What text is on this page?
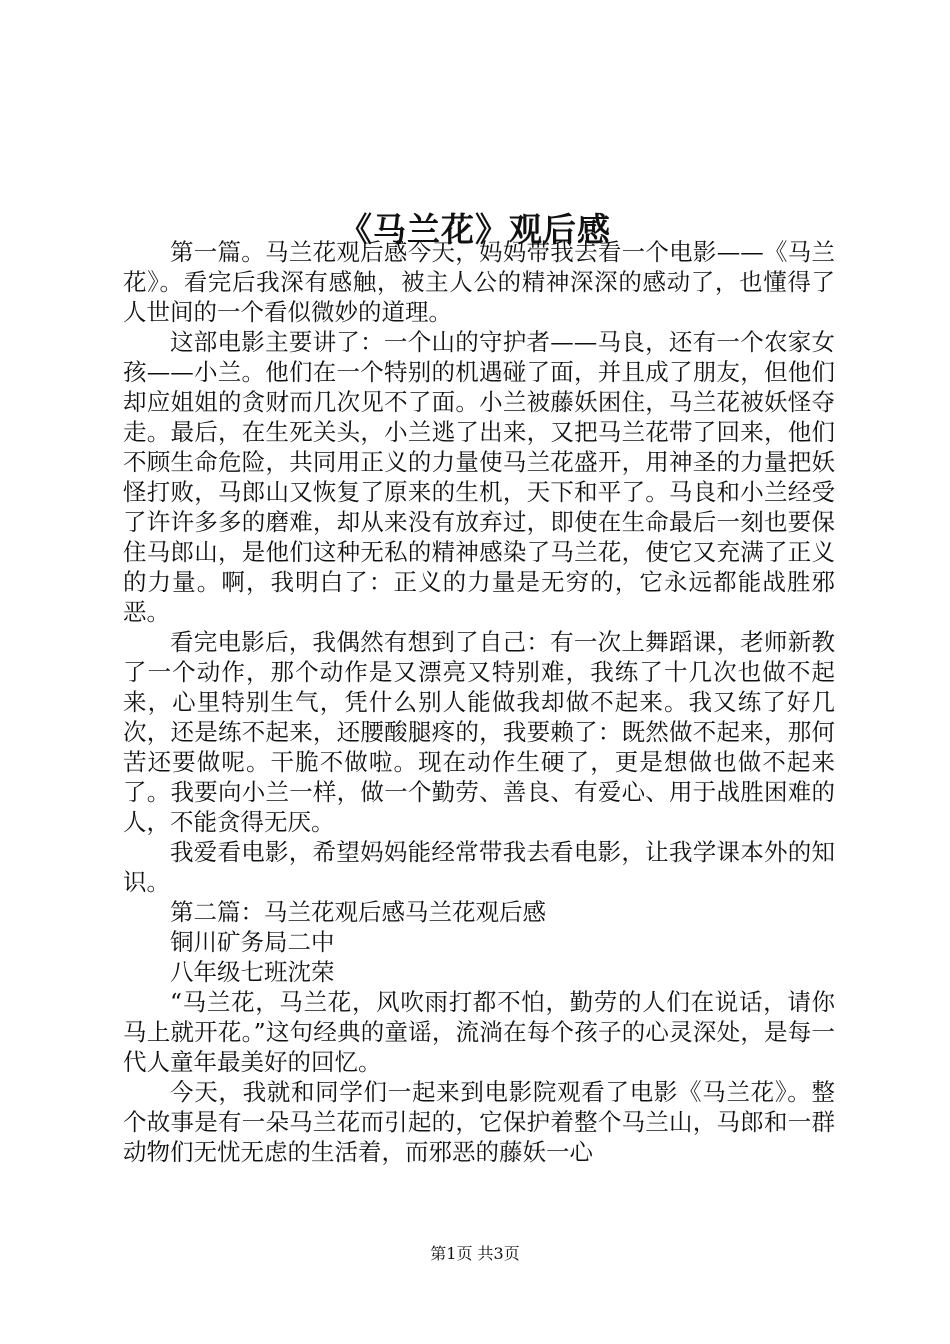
《马兰花》观后感

第一篇。马兰花观后感今天，妈妈带我去看一个电影——《马兰花》。看完后我深有感触，被主人公的精神深深的感动了，也懂得了人世间的一个看似微妙的道理。

这部电影主要讲了：一个山的守护者——马良，还有一个农家女孩——小兰。他们在一个特别的机遇碰了面，并且成了朋友，但他们却应姐姐的贪财而几次见不了面。小兰被藤妖困住，马兰花被妖怪夺走。最后，在生死关头，小兰逃了出来，又把马兰花带了回来，他们不顾生命危险，共同用正义的力量使马兰花盛开，用神圣的力量把妖怪打败，马郎山又恢复了原来的生机，天下和平了。马良和小兰经受了许许多多的磨难，却从来没有放弃过，即使在生命最后一刻也要保住马郎山，是他们这种无私的精神感染了马兰花，使它又充满了正义的力量。啊，我明白了：正义的力量是无穷的，它永远都能战胜邪恶。

看完电影后，我偶然有想到了自己：有一次上舞蹈课，老师新教了一个动作，那个动作是又漂亮又特别难，我练了十几次也做不起来，心里特别生气，凭什么别人能做我却做不起来。我又练了好几次，还是练不起来，还腰酸腿疼的，我要赖了：既然做不起来，那何苦还要做呢。干脆不做啦。现在动作生硬了，更是想做也做不起来了。我要向小兰一样，做一个勤劳、善良、有爱心、用于战胜困难的人，不能贪得无厌。

我爱看电影，希望妈妈能经常带我去看电影，让我学课本外的知识。

第二篇：马兰花观后感马兰花观后感

铜川矿务局二中

八年级七班沈荣

“马兰花，马兰花，风吹雨打都不怕，勤劳的人们在说话，请你马上就开花。”这句经典的童谣，流淌在每个孩子的心灵深处，是每一代人童年最美好的回忆。

今天，我就和同学们一起来到电影院观看了电影《马兰花》。整个故事是有一朵马兰花而引起的，它保护着整个马兰山，马郎和一群动物们无忧无虑的生活着，而邪恶的藤妖一心

第1页 共3页
